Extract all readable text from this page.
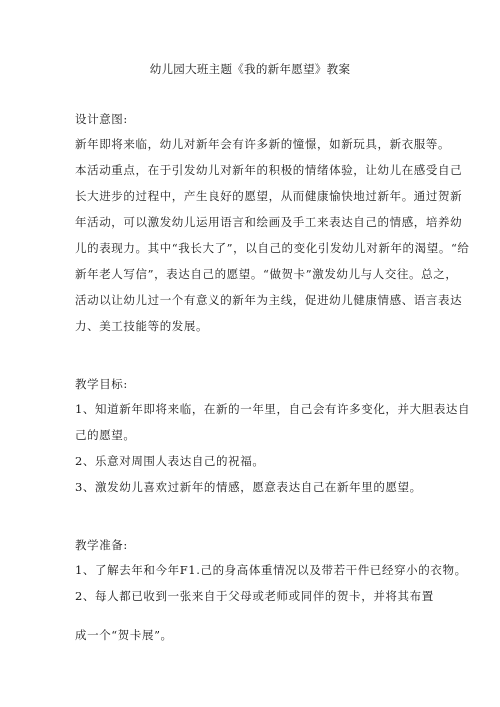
幼儿园大班主题《我的新年愿望》教案
设计意图:
新年即将来临，幼儿对新年会有许多新的憧憬，如新玩具，新衣服等。
本活动重点，在于引发幼儿对新年的积极的情绪体验，让幼儿在感受自己
长大进步的过程中，产生良好的愿望，从而健康愉快地过新年。通过贺新
年活动，可以激发幼儿运用语言和绘画及手工来表达自己的情感，培养幼
儿的表现力。其中“我长大了”，以自己的变化引发幼儿对新年的渴望。“给
新年老人写信”，表达自己的愿望。“做贺卡”激发幼儿与人交往。总之，
活动以让幼儿过一个有意义的新年为主线，促进幼儿健康情感、语言表达
力、美工技能等的发展。
教学目标:
1、知道新年即将来临，在新的一年里，自己会有许多变化，并大胆表达自
己的愿望。
2、乐意对周围人表达自己的祝福。
3、激发幼儿喜欢过新年的情感，愿意表达自己在新年里的愿望。
教学准备:
1、了解去年和今年F1.己的身高体重情况以及带若干件已经穿小的衣物。
2、每人都已收到一张来自于父母或老师或同伴的贺卡，并将其布置
成一个“贺卡展”。
